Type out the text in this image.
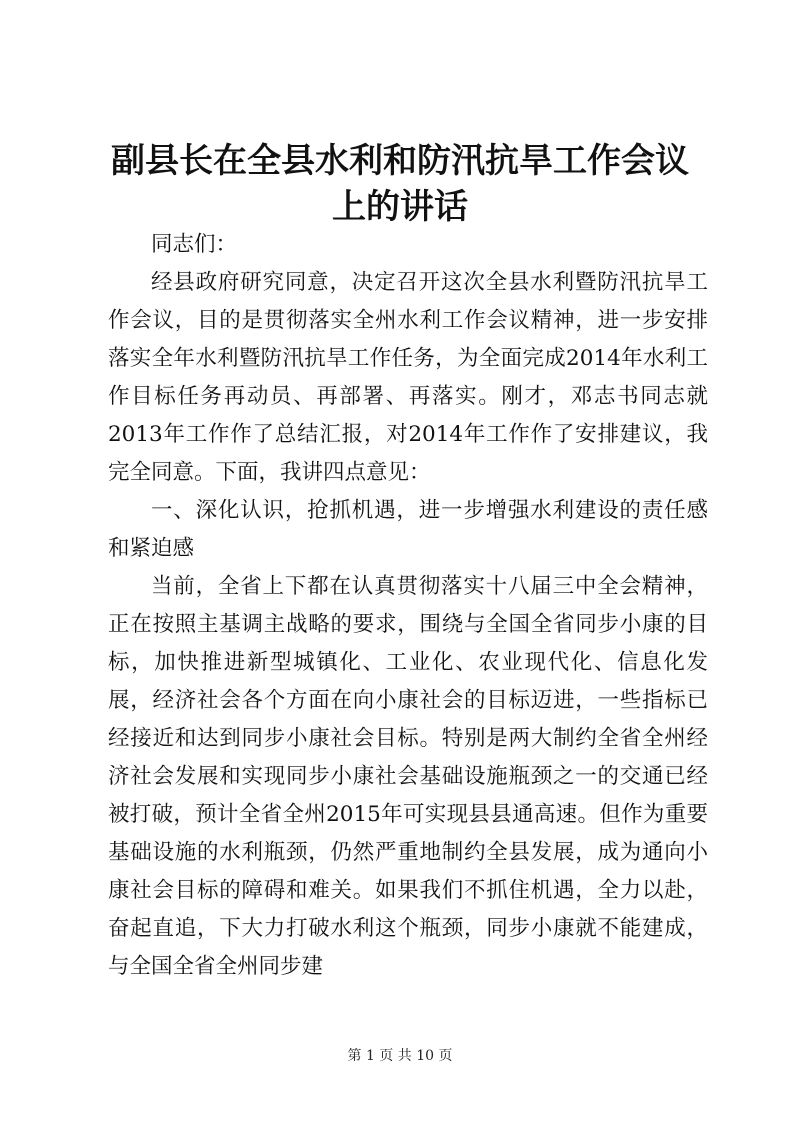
副县长在全县水利和防汛抗旱工作会议上的讲话

同志们：

经县政府研究同意，决定召开这次全县水利暨防汛抗旱工作会议，目的是贯彻落实全州水利工作会议精神，进一步安排落实全年水利暨防汛抗旱工作任务，为全面完成2014年水利工作目标任务再动员、再部署、再落实。刚才，邓志书同志就2013年工作作了总结汇报，对2014年工作作了安排建议，我完全同意。下面，我讲四点意见：

一、深化认识，抢抓机遇，进一步增强水利建设的责任感和紧迫感

当前，全省上下都在认真贯彻落实十八届三中全会精神，正在按照主基调主战略的要求，围绕与全国全省同步小康的目标，加快推进新型城镇化、工业化、农业现代化、信息化发展，经济社会各个方面在向小康社会的目标迈进，一些指标已经接近和达到同步小康社会目标。特别是两大制约全省全州经济社会发展和实现同步小康社会基础设施瓶颈之一的交通已经被打破，预计全省全州2015年可实现县县通高速。但作为重要基础设施的水利瓶颈，仍然严重地制约全县发展，成为通向小康社会目标的障碍和难关。如果我们不抓住机遇，全力以赴，奋起直追，下大力打破水利这个瓶颈，同步小康就不能建成，与全国全省全州同步建

第 1 页 共 10 页
